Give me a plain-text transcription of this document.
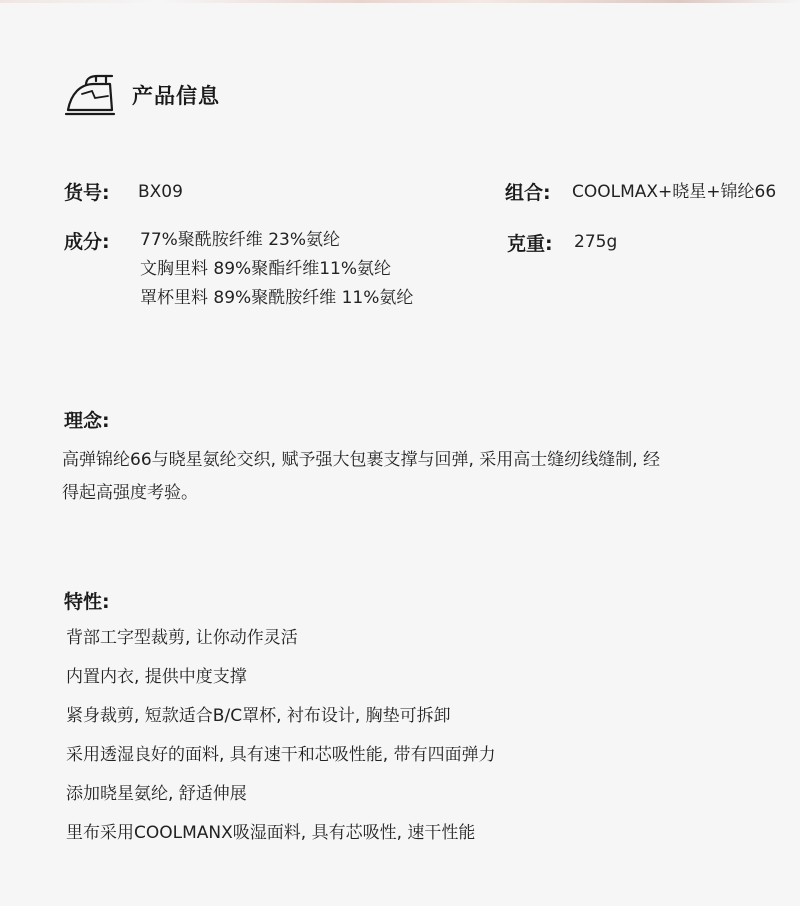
产品信息
货号: BX09	组合: COOLMAX+晓星+锦纶66
成分: 77%聚酰胺纤维 23%氨纶
文胸里料 89%聚酯纤维11%氨纶
罩杯里料 89%聚酰胺纤维 11%氨纶
克重: 275g
理念:
高弹锦纶66与晓星氨纶交织, 赋予强大包裹支撑与回弹, 采用高士缝纫线缝制, 经
得起高强度考验。
特性:
背部工字型裁剪, 让你动作灵活
内置内衣, 提供中度支撑
紧身裁剪, 短款适合B/C罩杯, 衬布设计, 胸垫可拆卸
采用透湿良好的面料, 具有速干和芯吸性能, 带有四面弹力
添加晓星氨纶, 舒适伸展
里布采用COOLMANX吸湿面料, 具有芯吸性, 速干性能
